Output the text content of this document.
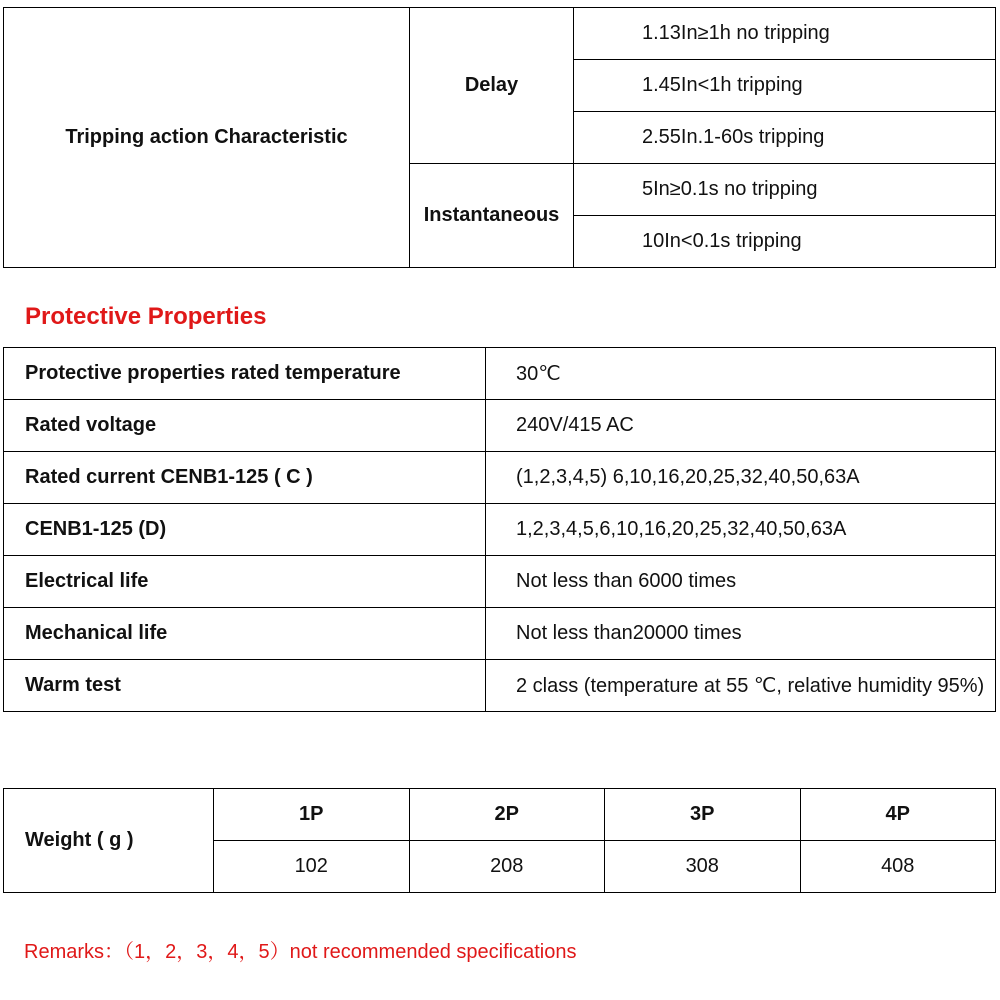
Tripping action Characteristic	Delay	1.13In≥1h no tripping
		1.45In<1h tripping
		2.55In.1-60s tripping
	Instantaneous	5In≥0.1s no tripping
		10In<0.1s tripping
Protective Properties
Protective properties rated temperature	30℃
Rated voltage	240V/415 AC
Rated current CENB1-125 ( C )	(1,2,3,4,5) 6,10,16,20,25,32,40,50,63A
CENB1-125 (D)	1,2,3,4,5,6,10,16,20,25,32,40,50,63A
Electrical life	Not less than 6000 times
Mechanical life	Not less than20000 times
Warm test	2 class (temperature at 55 ℃, relative humidity 95%)
Weight ( g )	1P	2P	3P	4P
	102	208	308	408
Remarks：（1，2，3，4，5）not recommended specifications
